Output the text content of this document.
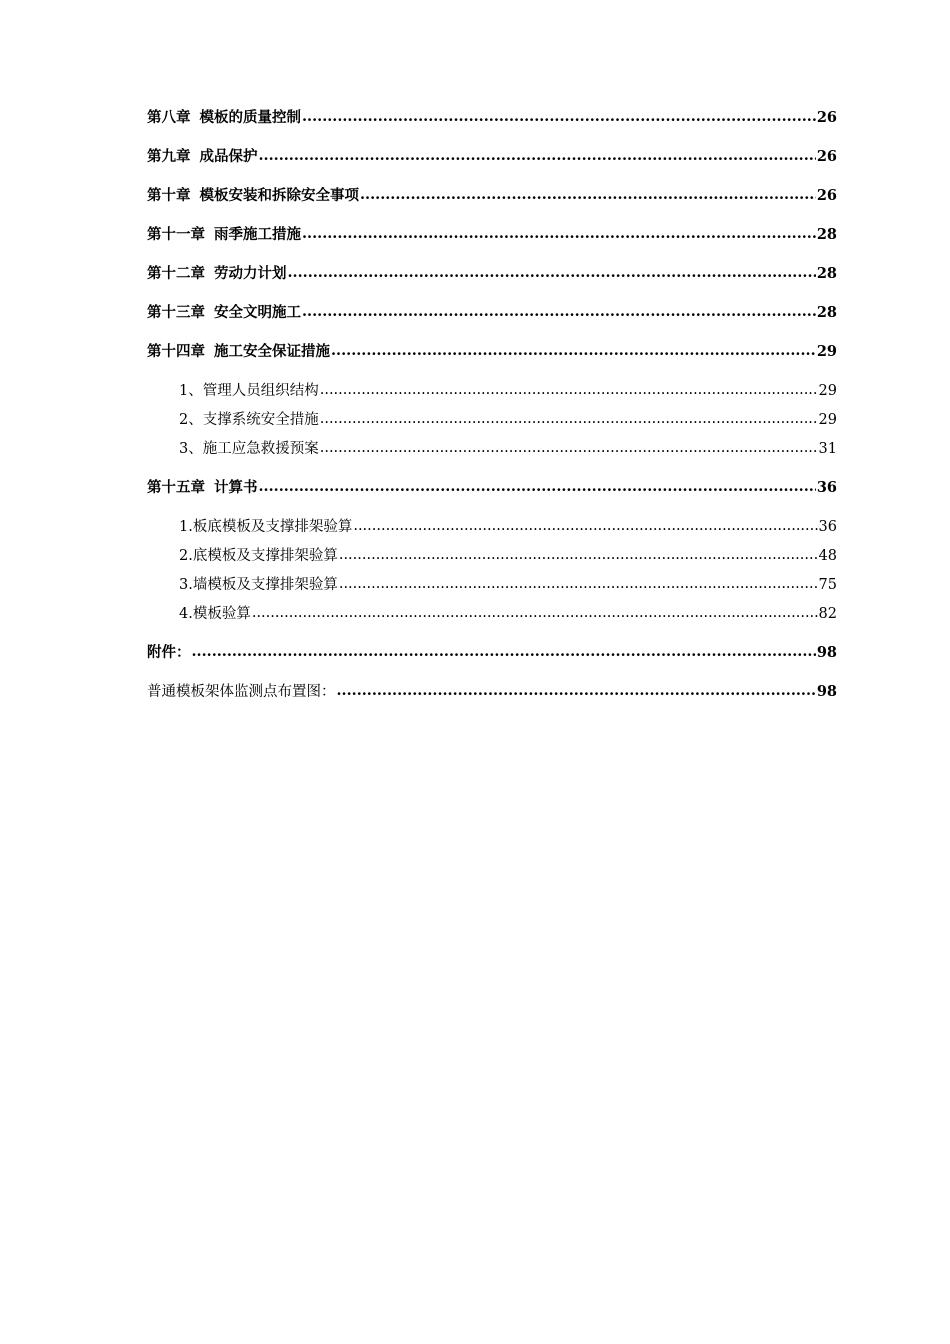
第八章 模板的质量控制 .....	26
第九章 成品保护 .....	26
第十章 模板安装和拆除安全事项 .....	26
第十一章 雨季施工措施 .....	28
第十二章 劳动力计划 .....	28
第十三章 安全文明施工 .....	28
第十四章 施工安全保证措施 .....	29
1、管理人员组织结构 .....	29
2、支撑系统安全措施 .....	29
3、施工应急救援预案 .....	31
第十五章 计算书 .....	36
1.板底模板及支撑排架验算 .....	36
2.底模板及支撑排架验算 .....	48
3.墙模板及支撑排架验算 .....	75
4.模板验算 .....	82
附件： .....	98
普通模板架体监测点布置图： .....	98
